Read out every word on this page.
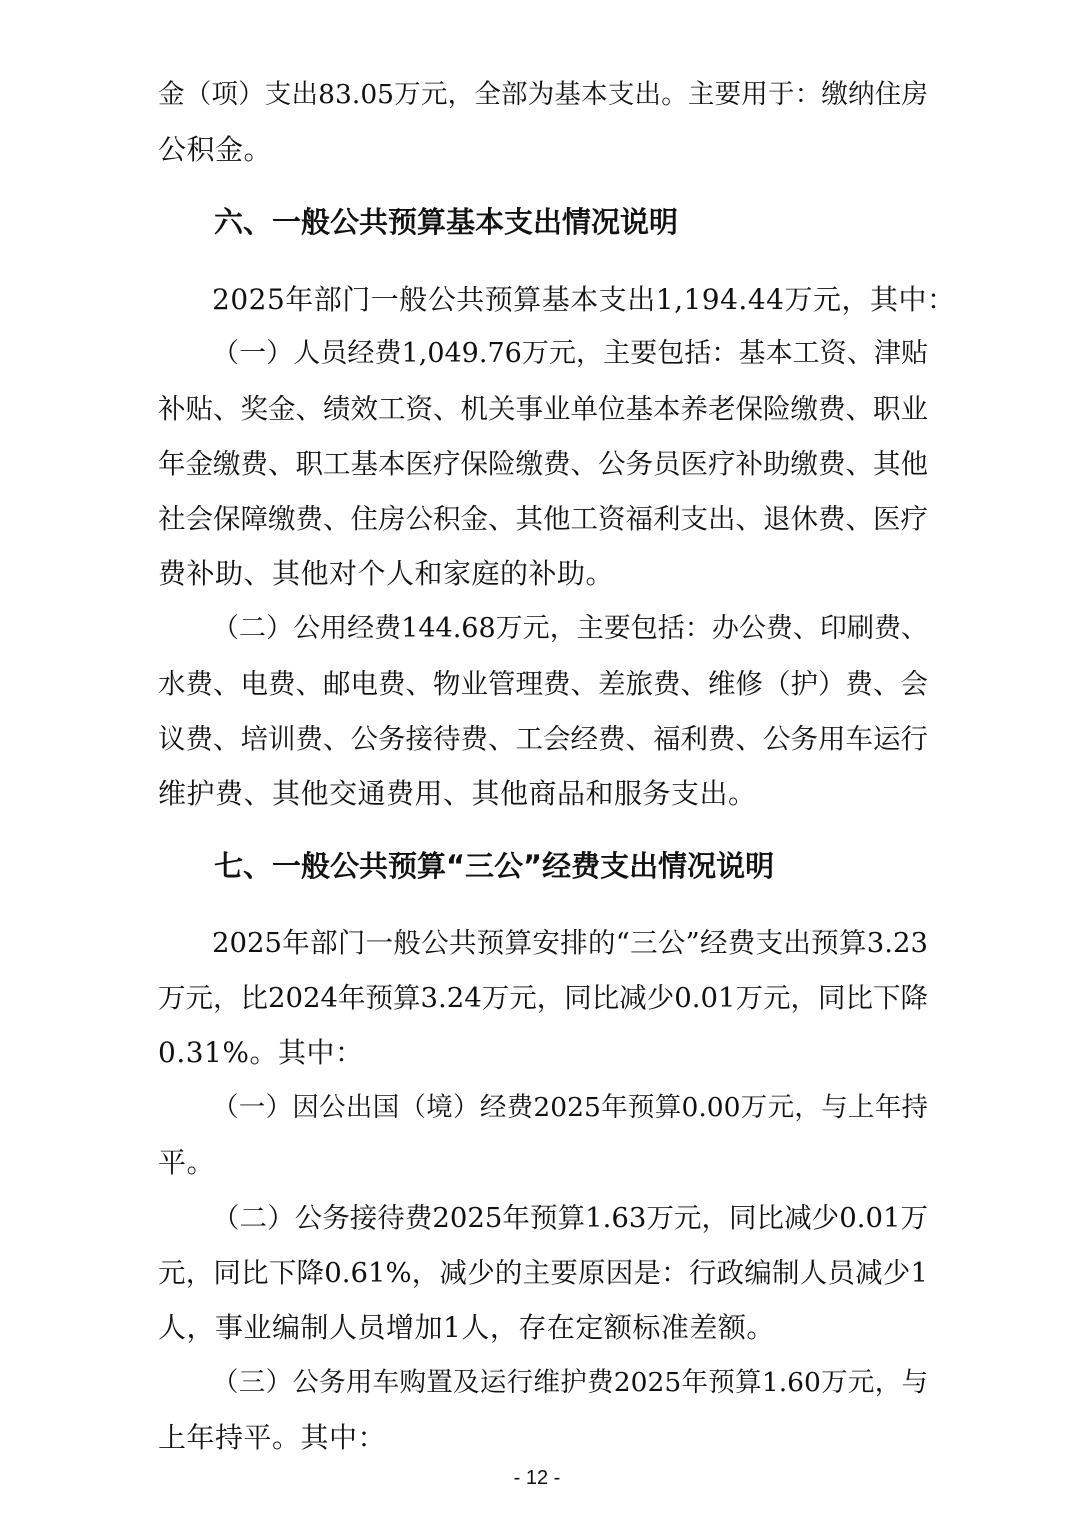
金（项）支出83.05万元，全部为基本支出。主要用于：缴纳住房
公积金。
六、一般公共预算基本支出情况说明
2025年部门一般公共预算基本支出1,194.44万元，其中：
（一）人员经费1,049.76万元，主要包括：基本工资、津贴
补贴、奖金、绩效工资、机关事业单位基本养老保险缴费、职业
年金缴费、职工基本医疗保险缴费、公务员医疗补助缴费、其他
社会保障缴费、住房公积金、其他工资福利支出、退休费、医疗
费补助、其他对个人和家庭的补助。
（二）公用经费144.68万元，主要包括：办公费、印刷费、
水费、电费、邮电费、物业管理费、差旅费、维修（护）费、会
议费、培训费、公务接待费、工会经费、福利费、公务用车运行
维护费、其他交通费用、其他商品和服务支出。
七、一般公共预算“三公”经费支出情况说明
2025年部门一般公共预算安排的“三公”经费支出预算3.23
万元，比2024年预算3.24万元，同比减少0.01万元，同比下降
0.31%。其中：
（一）因公出国（境）经费2025年预算0.00万元，与上年持
平。
（二）公务接待费2025年预算1.63万元，同比减少0.01万
元，同比下降0.61%，减少的主要原因是：行政编制人员减少1
人，事业编制人员增加1人，存在定额标准差额。
（三）公务用车购置及运行维护费2025年预算1.60万元，与
上年持平。其中：
- 12 -
